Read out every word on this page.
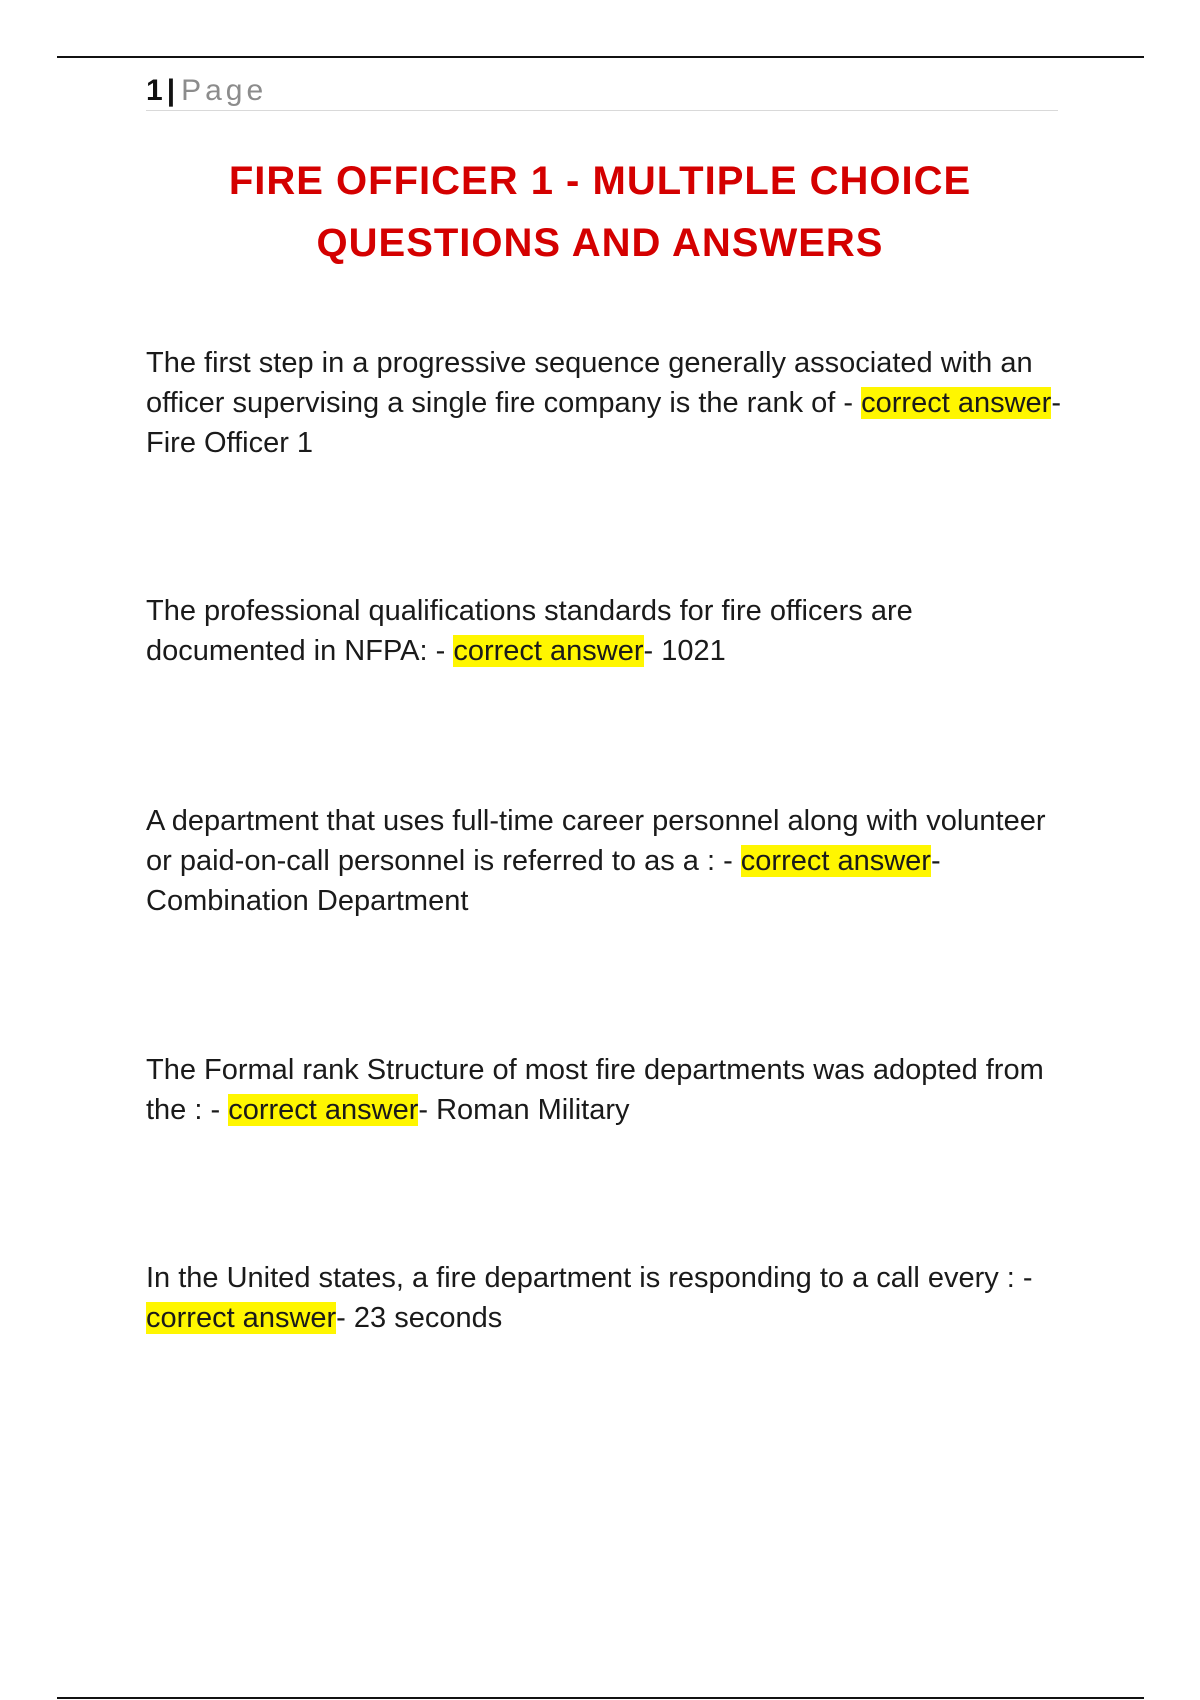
1 | Page
FIRE OFFICER 1 - MULTIPLE CHOICE
QUESTIONS AND ANSWERS

The first step in a progressive sequence generally associated with an officer supervising a single fire company is the rank of - correct answer- Fire Officer 1

The professional qualifications standards for fire officers are documented in NFPA: - correct answer- 1021

A department that uses full-time career personnel along with volunteer or paid-on-call personnel is referred to as a : - correct answer- Combination Department

The Formal rank Structure of most fire departments was adopted from the : - correct answer- Roman Military

In the United states, a fire department is responding to a call every : - correct answer- 23 seconds
